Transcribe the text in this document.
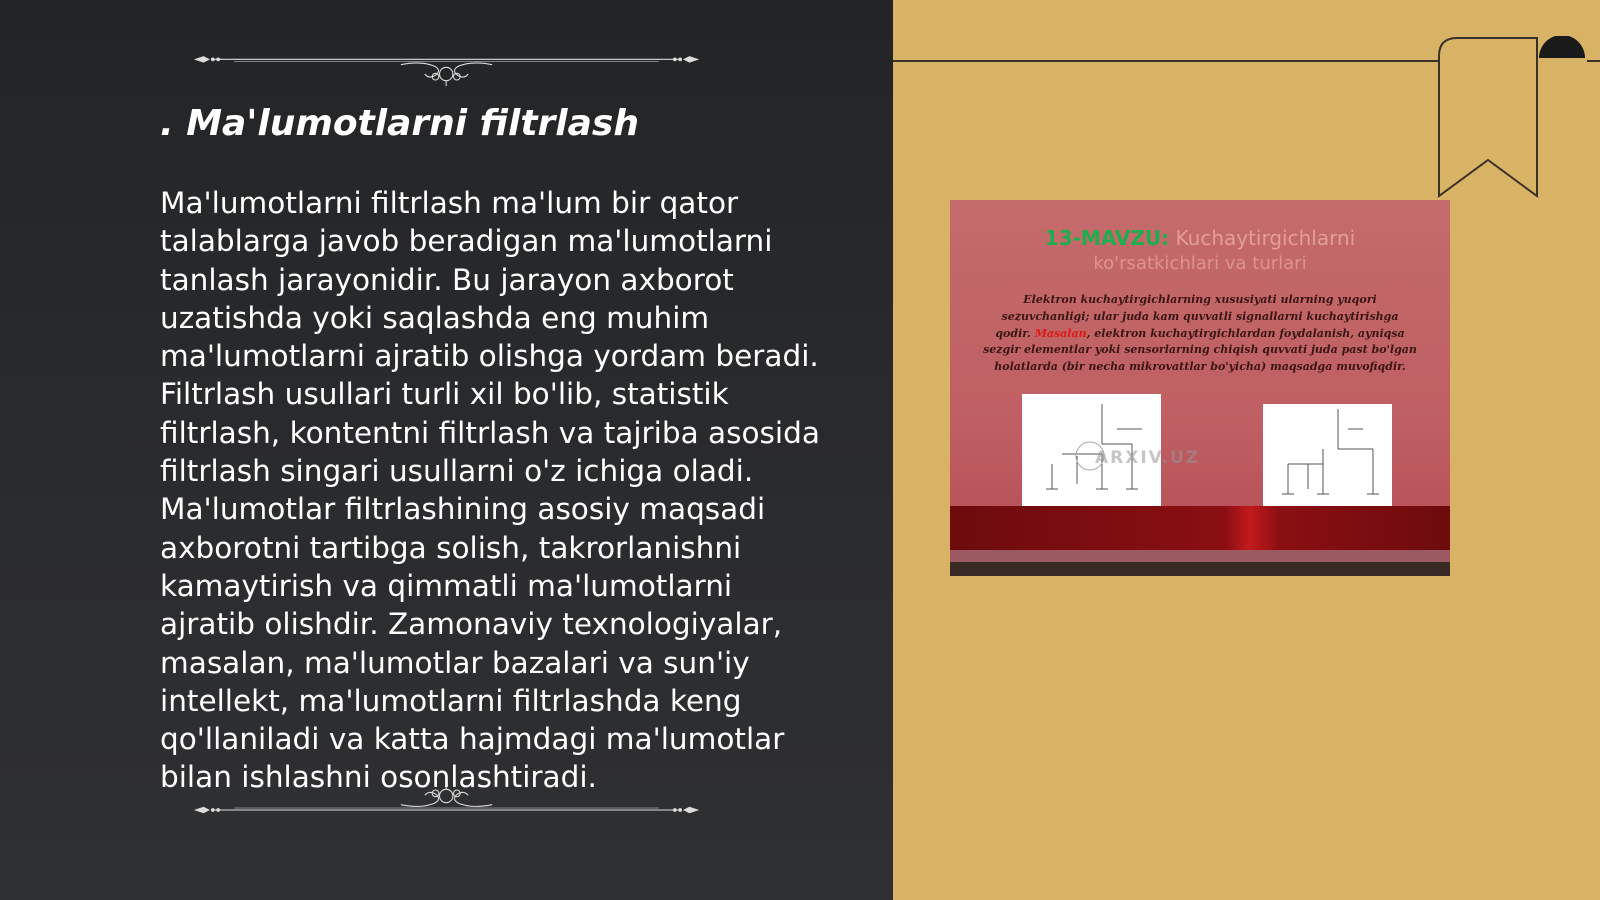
. Ma'lumotlarni filtrlash

Ma'lumotlarni filtrlash ma'lum bir qator talablarga javob beradigan ma'lumotlarni tanlash jarayonidir. Bu jarayon axborot uzatishda yoki saqlashda eng muhim ma'lumotlarni ajratib olishga yordam beradi. Filtrlash usullari turli xil bo'lib, statistik filtrlash, kontentni filtrlash va tajriba asosida filtrlash singari usullarni o'z ichiga oladi. Ma'lumotlar filtrlashining asosiy maqsadi axborotni tartibga solish, takrorlanishni kamaytirish va qimmatli ma'lumotlarni ajratib olishdir. Zamonaviy texnologiyalar, masalan, ma'lumotlar bazalari va sun'iy intellekt, ma'lumotlarni filtrlashda keng qo'llaniladi va katta hajmdagi ma'lumotlar bilan ishlashni osonlashtiradi.

13-MAVZU: Kuchaytirgichlarni
ko'rsatkichlari va turlari
Elektron kuchaytirgichlarning xususiyati ularning yuqori sezuvchanligi; ular juda kam quvvatli signallarni kuchaytirishga qodir. Masalan, elektron kuchaytirgichlardan foydalanish, ayniqsa sezgir elementlar yoki sensorlarning chiqish quvvati juda past bo'lgan holatlarda (bir necha mikrovattlar bo'yicha) maqsadga muvofiqdir.
ARXIV.UZ
